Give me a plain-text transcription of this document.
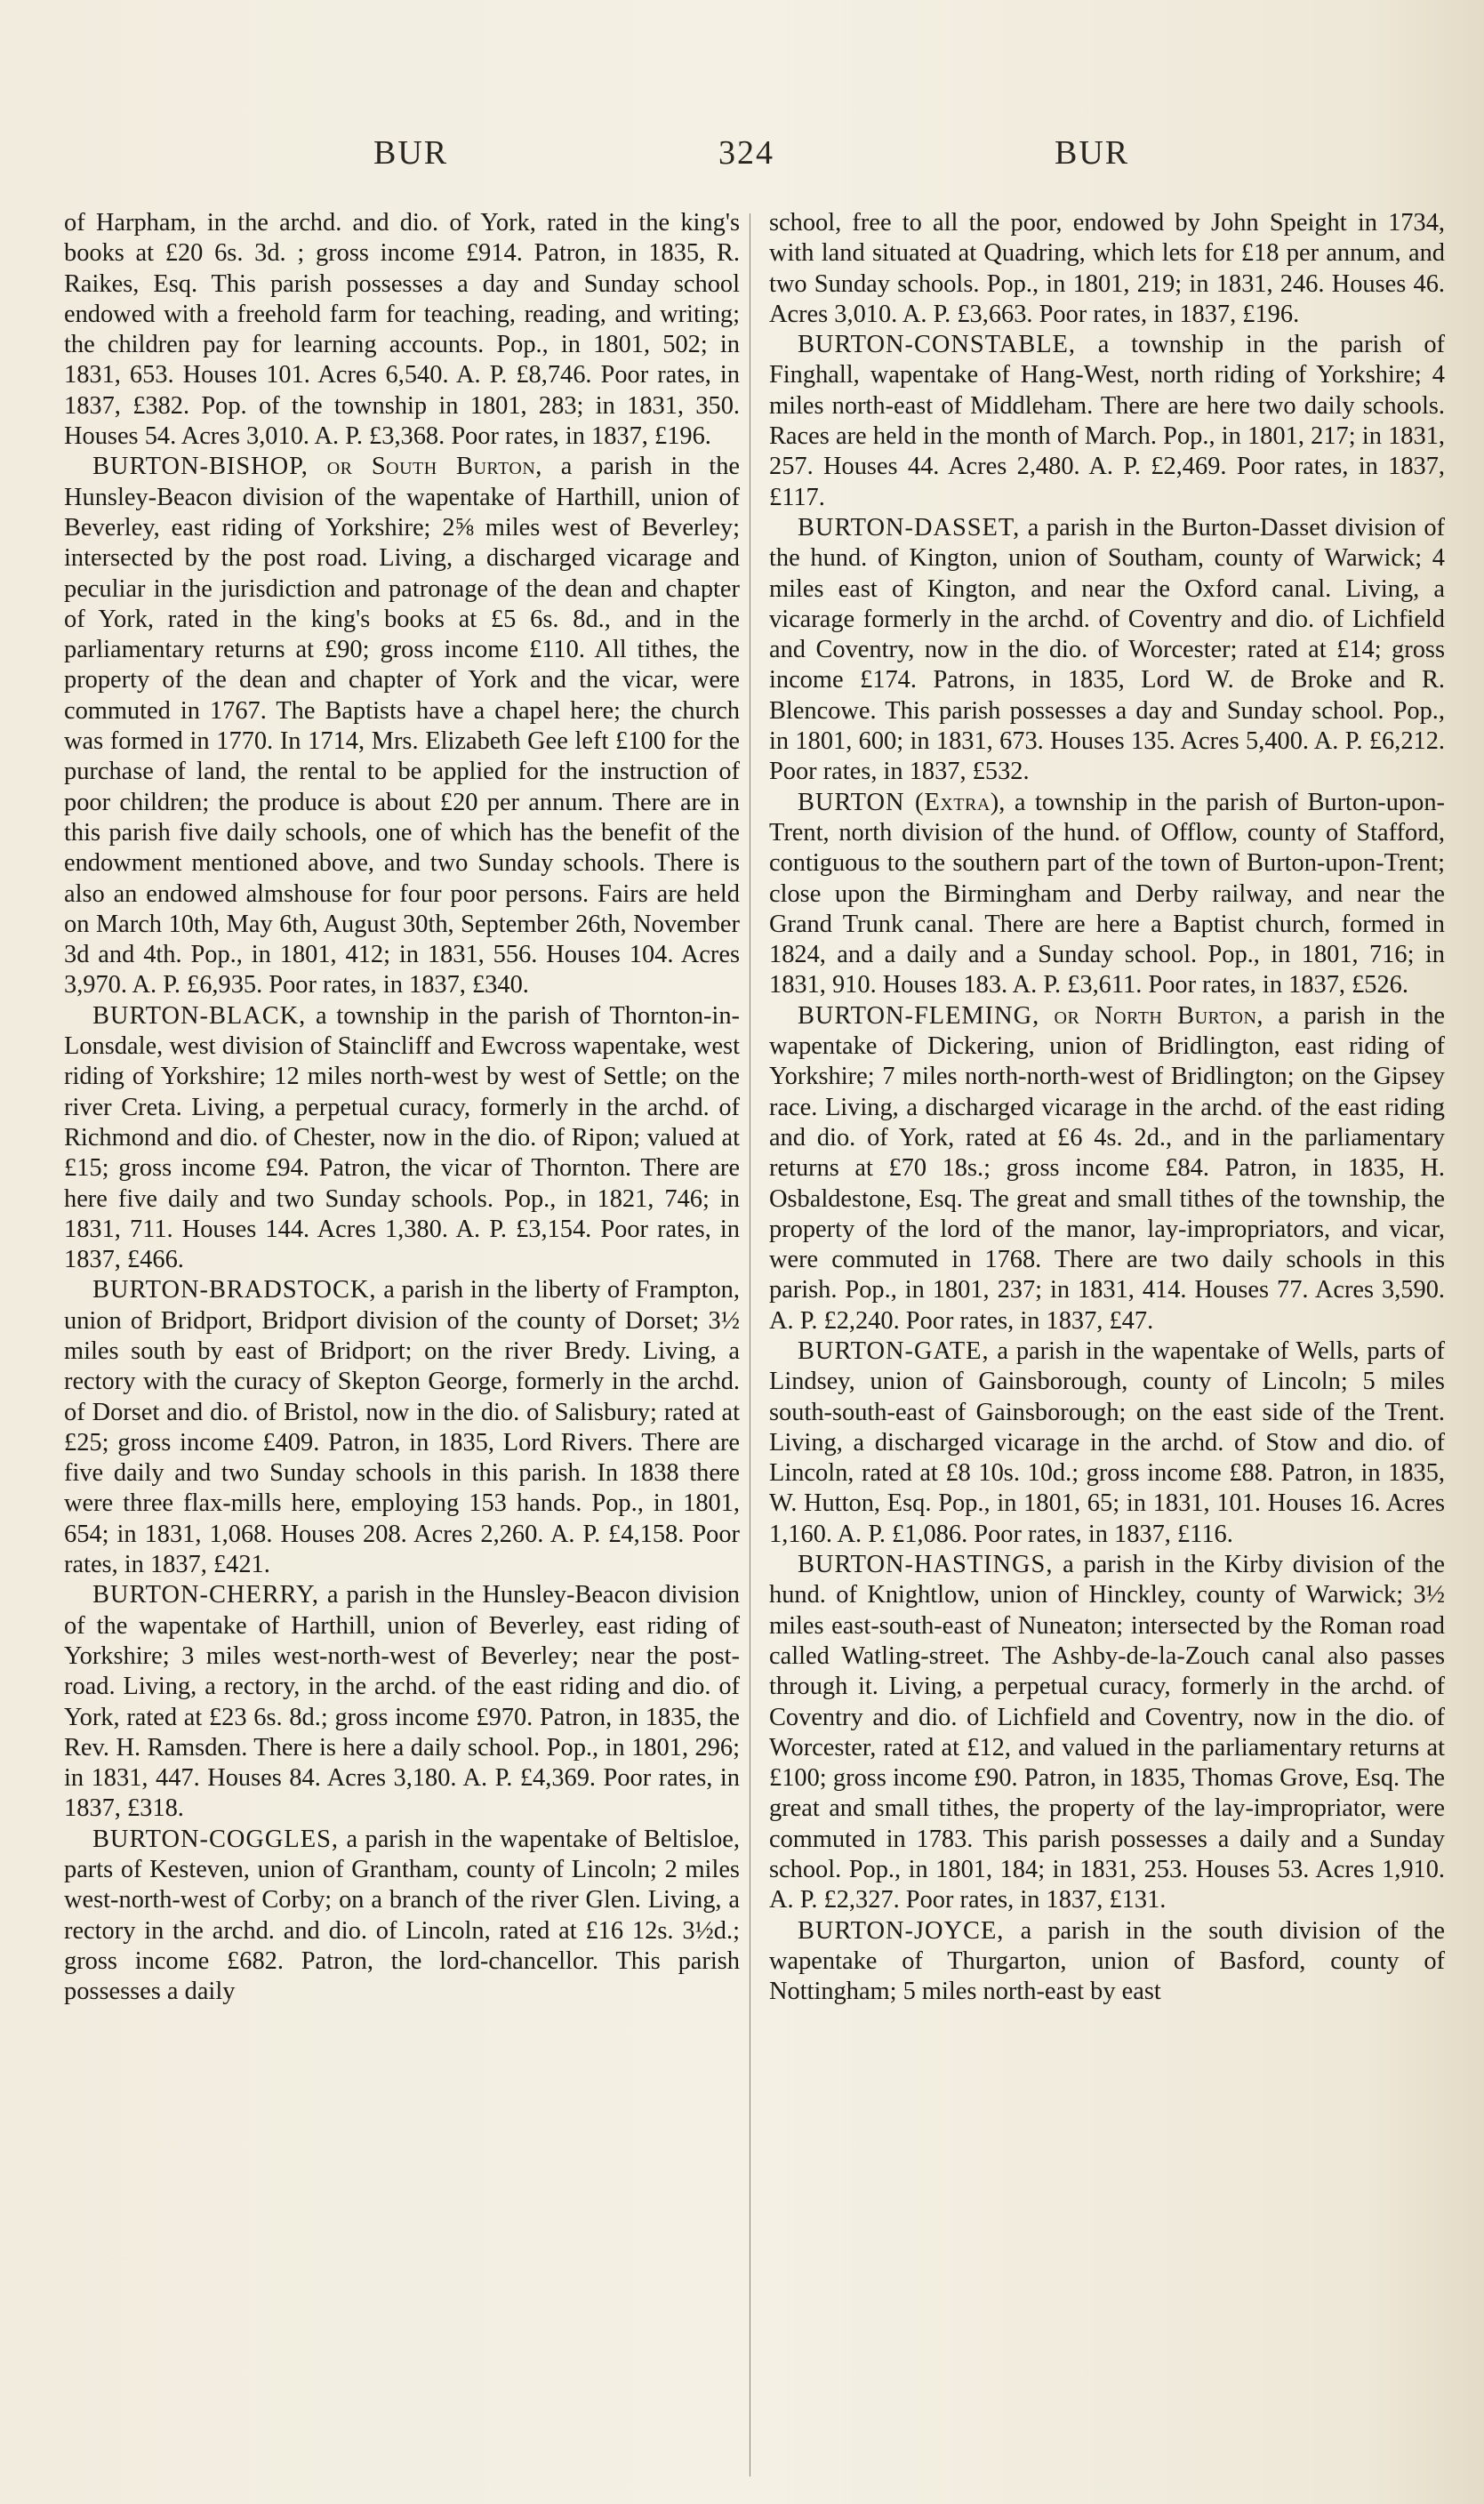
BUR	324	BUR

of Harpham, in the archd. and dio. of York, rated in the king's books at £20 6s. 3d. ; gross income £914. Patron, in 1835, R. Raikes, Esq. This parish possesses a day and Sunday school endowed with a freehold farm for teaching, reading, and writing; the children pay for learning accounts. Pop., in 1801, 502; in 1831, 653. Houses 101. Acres 6,540. A. P. £8,746. Poor rates, in 1837, £382. Pop. of the township in 1801, 283; in 1831, 350. Houses 54. Acres 3,010. A. P. £3,368. Poor rates, in 1837, £196.

BURTON-BISHOP, or South Burton, a parish in the Hunsley-Beacon division of the wapentake of Harthill, union of Beverley, east riding of Yorkshire; 2⅝ miles west of Beverley; intersected by the post road. Living, a discharged vicarage and peculiar in the jurisdiction and patronage of the dean and chapter of York, rated in the king's books at £5 6s. 8d., and in the parliamentary returns at £90; gross income £110. All tithes, the property of the dean and chapter of York and the vicar, were commuted in 1767. The Baptists have a chapel here; the church was formed in 1770. In 1714, Mrs. Elizabeth Gee left £100 for the purchase of land, the rental to be applied for the instruction of poor children; the produce is about £20 per annum. There are in this parish five daily schools, one of which has the benefit of the endowment mentioned above, and two Sunday schools. There is also an endowed almshouse for four poor persons. Fairs are held on March 10th, May 6th, August 30th, September 26th, November 3d and 4th. Pop., in 1801, 412; in 1831, 556. Houses 104. Acres 3,970. A. P. £6,935. Poor rates, in 1837, £340.

BURTON-BLACK, a township in the parish of Thornton-in-Lonsdale, west division of Staincliff and Ewcross wapentake, west riding of Yorkshire; 12 miles north-west by west of Settle; on the river Creta. Living, a perpetual curacy, formerly in the archd. of Richmond and dio. of Chester, now in the dio. of Ripon; valued at £15; gross income £94. Patron, the vicar of Thornton. There are here five daily and two Sunday schools. Pop., in 1821, 746; in 1831, 711. Houses 144. Acres 1,380. A. P. £3,154. Poor rates, in 1837, £466.

BURTON-BRADSTOCK, a parish in the liberty of Frampton, union of Bridport, Bridport division of the county of Dorset; 3½ miles south by east of Bridport; on the river Bredy. Living, a rectory with the curacy of Skepton George, formerly in the archd. of Dorset and dio. of Bristol, now in the dio. of Salisbury; rated at £25; gross income £409. Patron, in 1835, Lord Rivers. There are five daily and two Sunday schools in this parish. In 1838 there were three flax-mills here, employing 153 hands. Pop., in 1801, 654; in 1831, 1,068. Houses 208. Acres 2,260. A. P. £4,158. Poor rates, in 1837, £421.

BURTON-CHERRY, a parish in the Hunsley-Beacon division of the wapentake of Harthill, union of Beverley, east riding of Yorkshire; 3 miles west-north-west of Beverley; near the post-road. Living, a rectory, in the archd. of the east riding and dio. of York, rated at £23 6s. 8d.; gross income £970. Patron, in 1835, the Rev. H. Ramsden. There is here a daily school. Pop., in 1801, 296; in 1831, 447. Houses 84. Acres 3,180. A. P. £4,369. Poor rates, in 1837, £318.

BURTON-COGGLES, a parish in the wapentake of Beltisloe, parts of Kesteven, union of Grantham, county of Lincoln; 2 miles west-north-west of Corby; on a branch of the river Glen. Living, a rectory in the archd. and dio. of Lincoln, rated at £16 12s. 3½d.; gross income £682. Patron, the lord-chancellor. This parish possesses a daily

school, free to all the poor, endowed by John Speight in 1734, with land situated at Quadring, which lets for £18 per annum, and two Sunday schools. Pop., in 1801, 219; in 1831, 246. Houses 46. Acres 3,010. A. P. £3,663. Poor rates, in 1837, £196.

BURTON-CONSTABLE, a township in the parish of Finghall, wapentake of Hang-West, north riding of Yorkshire; 4 miles north-east of Middleham. There are here two daily schools. Races are held in the month of March. Pop., in 1801, 217; in 1831, 257. Houses 44. Acres 2,480. A. P. £2,469. Poor rates, in 1837, £117.

BURTON-DASSET, a parish in the Burton-Dasset division of the hund. of Kington, union of Southam, county of Warwick; 4 miles east of Kington, and near the Oxford canal. Living, a vicarage formerly in the archd. of Coventry and dio. of Lichfield and Coventry, now in the dio. of Worcester; rated at £14; gross income £174. Patrons, in 1835, Lord W. de Broke and R. Blencowe. This parish possesses a day and Sunday school. Pop., in 1801, 600; in 1831, 673. Houses 135. Acres 5,400. A. P. £6,212. Poor rates, in 1837, £532.

BURTON (Extra), a township in the parish of Burton-upon-Trent, north division of the hund. of Offlow, county of Stafford, contiguous to the southern part of the town of Burton-upon-Trent; close upon the Birmingham and Derby railway, and near the Grand Trunk canal. There are here a Baptist church, formed in 1824, and a daily and a Sunday school. Pop., in 1801, 716; in 1831, 910. Houses 183. A. P. £3,611. Poor rates, in 1837, £526.

BURTON-FLEMING, or North Burton, a parish in the wapentake of Dickering, union of Bridlington, east riding of Yorkshire; 7 miles north-north-west of Bridlington; on the Gipsey race. Living, a discharged vicarage in the archd. of the east riding and dio. of York, rated at £6 4s. 2d., and in the parliamentary returns at £70 18s.; gross income £84. Patron, in 1835, H. Osbaldestone, Esq. The great and small tithes of the township, the property of the lord of the manor, lay-impropriators, and vicar, were commuted in 1768. There are two daily schools in this parish. Pop., in 1801, 237; in 1831, 414. Houses 77. Acres 3,590. A. P. £2,240. Poor rates, in 1837, £47.

BURTON-GATE, a parish in the wapentake of Wells, parts of Lindsey, union of Gainsborough, county of Lincoln; 5 miles south-south-east of Gainsborough; on the east side of the Trent. Living, a discharged vicarage in the archd. of Stow and dio. of Lincoln, rated at £8 10s. 10d.; gross income £88. Patron, in 1835, W. Hutton, Esq. Pop., in 1801, 65; in 1831, 101. Houses 16. Acres 1,160. A. P. £1,086. Poor rates, in 1837, £116.

BURTON-HASTINGS, a parish in the Kirby division of the hund. of Knightlow, union of Hinckley, county of Warwick; 3½ miles east-south-east of Nuneaton; intersected by the Roman road called Watling-street. The Ashby-de-la-Zouch canal also passes through it. Living, a perpetual curacy, formerly in the archd. of Coventry and dio. of Lichfield and Coventry, now in the dio. of Worcester, rated at £12, and valued in the parliamentary returns at £100; gross income £90. Patron, in 1835, Thomas Grove, Esq. The great and small tithes, the property of the lay-impropriator, were commuted in 1783. This parish possesses a daily and a Sunday school. Pop., in 1801, 184; in 1831, 253. Houses 53. Acres 1,910. A. P. £2,327. Poor rates, in 1837, £131.

BURTON-JOYCE, a parish in the south division of the wapentake of Thurgarton, union of Basford, county of Nottingham; 5 miles north-east by east
